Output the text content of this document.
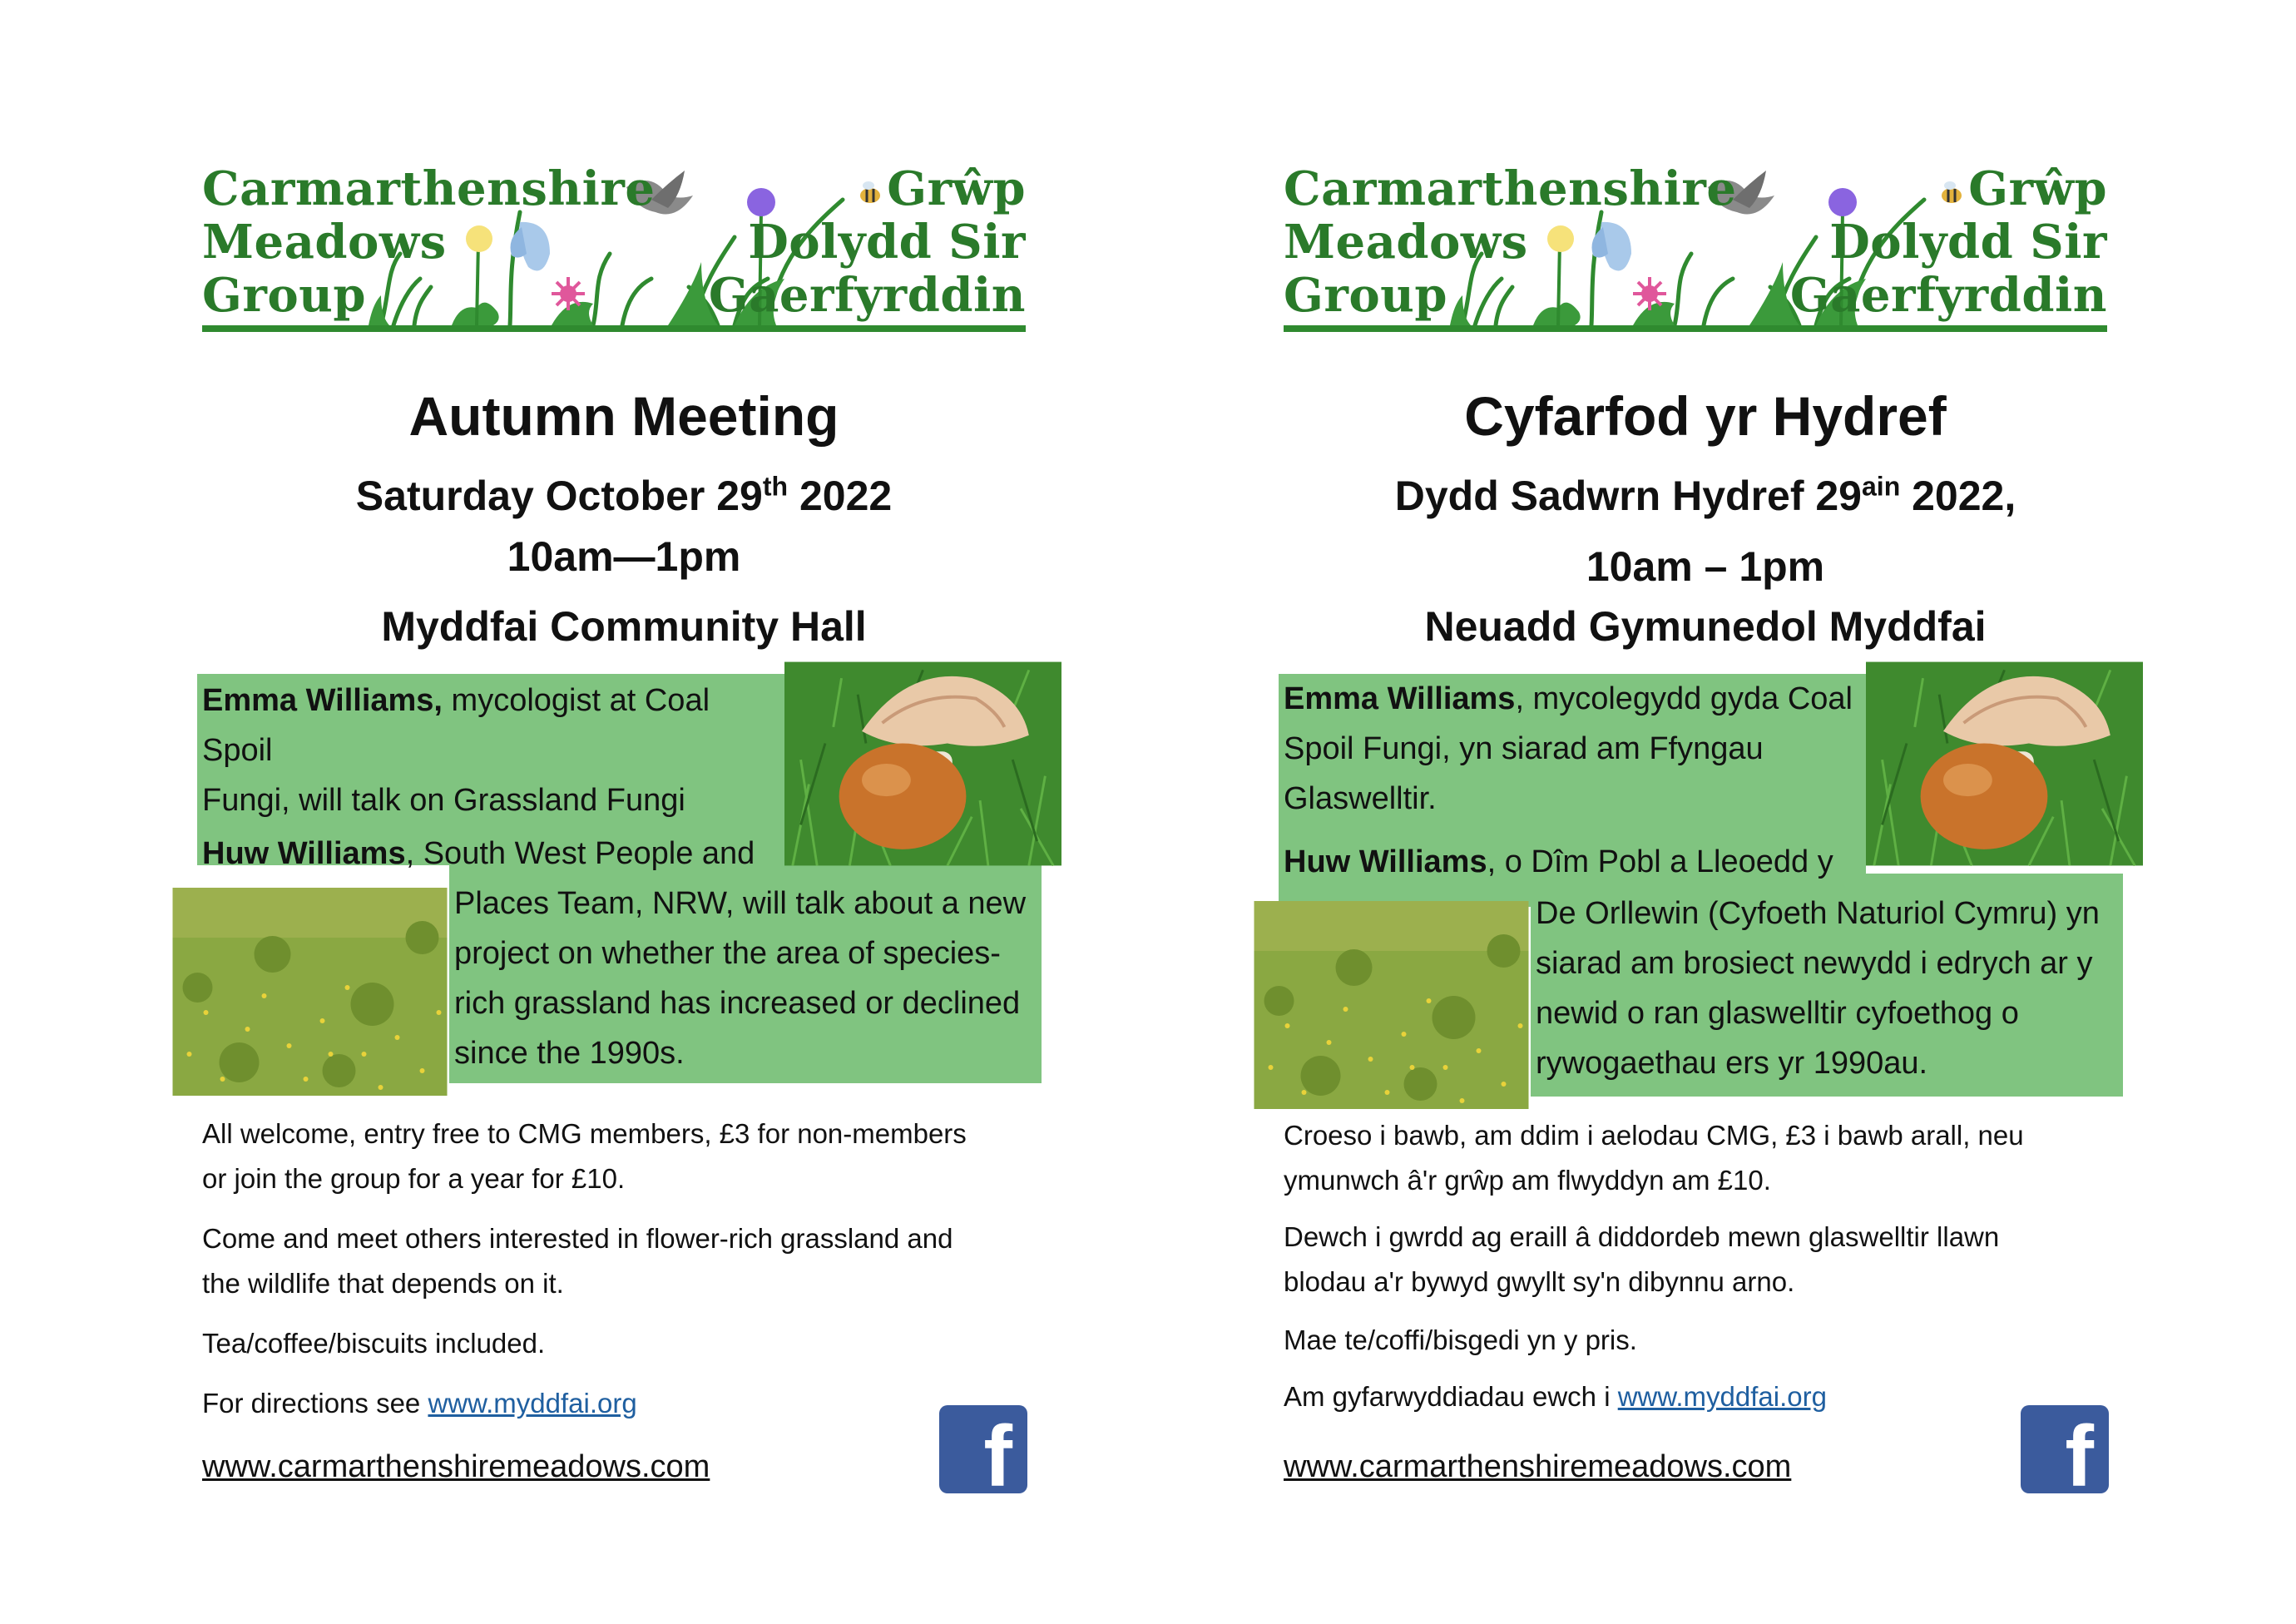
Carmarthenshire
Meadows
Group
Grŵp
Dolydd Sir
Gaerfyrddin
Autumn Meeting
Saturday October 29th 2022
10am—1pm
Myddfai Community Hall
Emma Williams, mycologist at Coal Spoil
Fungi, will talk on Grassland Fungi
Huw Williams, South West People and
Places Team, NRW, will talk about a new
project on whether the area of species-
rich grassland has increased or declined
since the 1990s.
All welcome, entry free to CMG members, £3 for non-members
or join the group for a year for £10.
Come and meet others interested in flower-rich grassland and
the wildlife that depends on it.
Tea/coffee/biscuits included.
For directions see www.myddfai.org
www.carmarthenshiremeadows.com	f
Carmarthenshire
Meadows
Group
Grŵp
Dolydd Sir
Gaerfyrddin
Cyfarfod yr Hydref
Dydd Sadwrn Hydref $29^{ain}$ 2022,
10am – 1pm
Neuadd Gymunedol Myddfai
Emma Williams, mycolegydd gyda Coal
Spoil Fungi, yn siarad am Ffyngau
Glaswelltir.
Huw Williams, o Dîm Pobl a Lleoedd y
De Orllewin (Cyfoeth Naturiol Cymru) yn
siarad am brosiect newydd i edrych ar y
newid o ran glaswelltir cyfoethog o
rywogaethau ers yr 1990au.
Croeso i bawb, am ddim i aelodau CMG, £3 i bawb arall, neu
ymunwch â'r grŵp am flwyddyn am £10.
Dewch i gwrdd ag eraill â diddordeb mewn glaswelltir llawn
blodau a'r bywyd gwyllt sy'n dibynnu arno.
Mae te/coffi/bisgedi yn y pris.
Am gyfarwyddiadau ewch i www.myddfai.org
www.carmarthenshiremeadows.com	f
